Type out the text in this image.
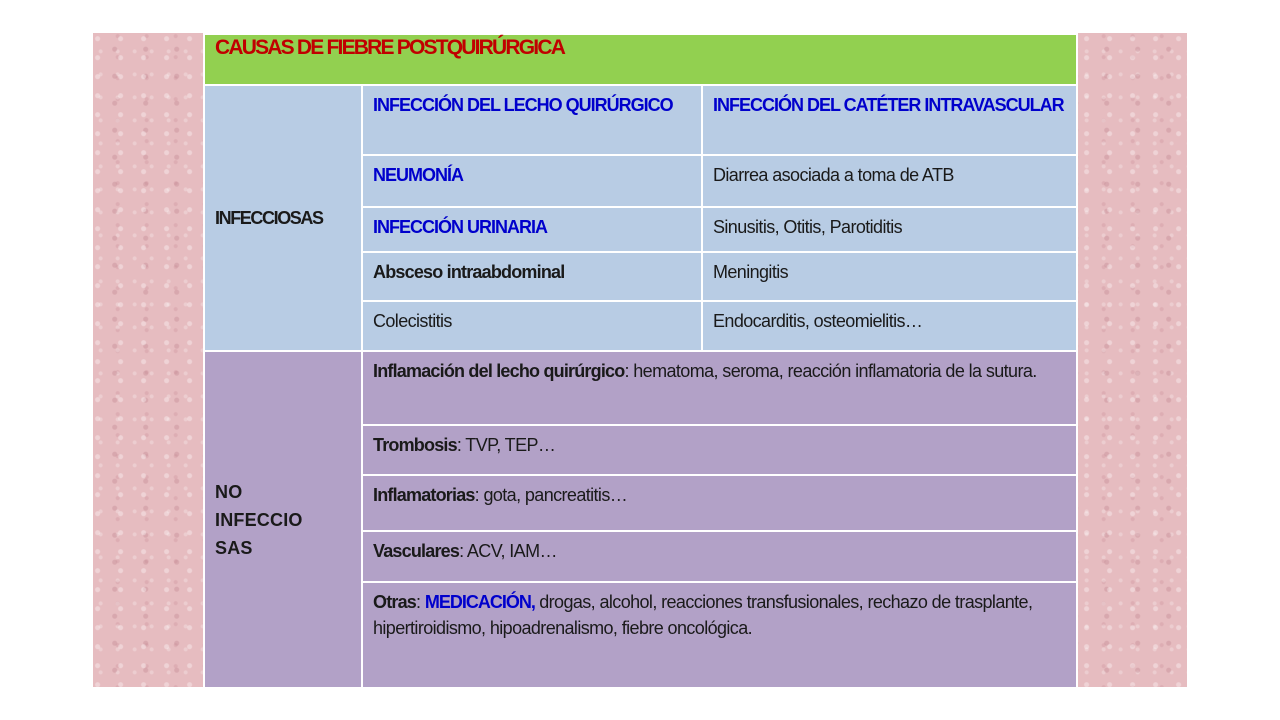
CAUSAS DE FIEBRE POSTQUIRÚRGICA		
INFECCIOSAS	INFECCIÓN DEL LECHO QUIRÚRGICO	INFECCIÓN DEL CATÉTER INTRAVASCULAR
	NEUMONÍA	Diarrea asociada a toma de ATB
	INFECCIÓN URINARIA	Sinusitis, Otitis, Parotiditis
	Absceso intraabdominal	Meningitis
	Colecistitis	Endocarditis, osteomielitis…
NO
INFECCIO
SAS	Inflamación del lecho quirúrgico: hematoma, seroma, reacción inflamatoria de la sutura.	
	Trombosis: TVP, TEP…	
	Inflamatorias: gota, pancreatitis…	
	Vasculares: ACV, IAM…	
	Otras: MEDICACIÓN, drogas, alcohol, reacciones transfusionales, rechazo de trasplante, hipertiroidismo, hipoadrenalismo, fiebre oncológica.	
